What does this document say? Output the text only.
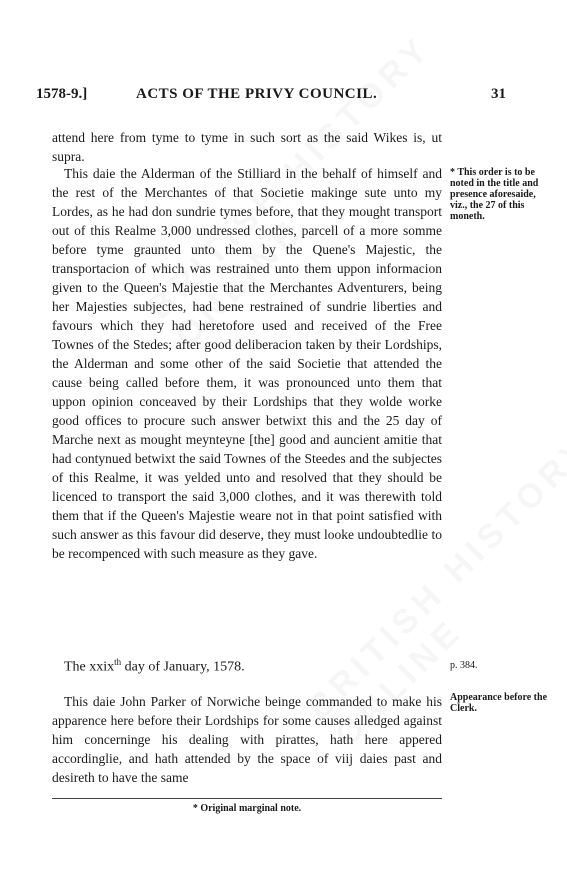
1578-9.]	ACTS OF THE PRIVY COUNCIL.	31
attend here from tyme to tyme in such sort as the said Wikes is, ut supra.
This daie the Alderman of the Stilliard in the behalf of himself and the rest of the Merchantes of that Societie makinge sute unto my Lordes, as he had don sundrie tymes before, that they mought transport out of this Realme 3,000 undressed clothes, parcell of a more somme before tyme graunted unto them by the Quene's Majestic, the transportacion of which was restrained unto them uppon informacion given to the Queen's Majestie that the Merchantes Adventurers, being her Majesties subjectes, had bene restrained of sundrie liberties and favours which they had heretofore used and received of the Free Townes of the Stedes; after good deliberacion taken by their Lordships, the Alderman and some other of the said Societie that attended the cause being called before them, it was pronounced unto them that uppon opinion conceaved by their Lordships that they wolde worke good offices to procure such answer betwixt this and the 25 day of Marche next as mought meynteyne [the] good and auncient amitie that had contynued betwixt the said Townes of the Steedes and the subjectes of this Realme, it was yelded unto and resolved that they should be licenced to transport the said 3,000 clothes, and it was therewith told them that if the Queen's Majestie weare not in that point satisfied with such answer as this favour did deserve, they must looke undoubtedlie to be recompenced with such measure as they gave.
* This order is to be noted in the title and presence aforesaide, viz., the 27 of this moneth.
The xxix$^{th}$ day of January, 1578.	p. 384.
This daie John Parker of Norwiche beinge commanded to make his apparence here before their Lordships for some causes alledged against him concerninge his dealing with pirattes, hath here appered accordinglie, and hath attended by the space of viij daies past and desireth to have the same
Appearance before the Clerk.
* Original marginal note.
